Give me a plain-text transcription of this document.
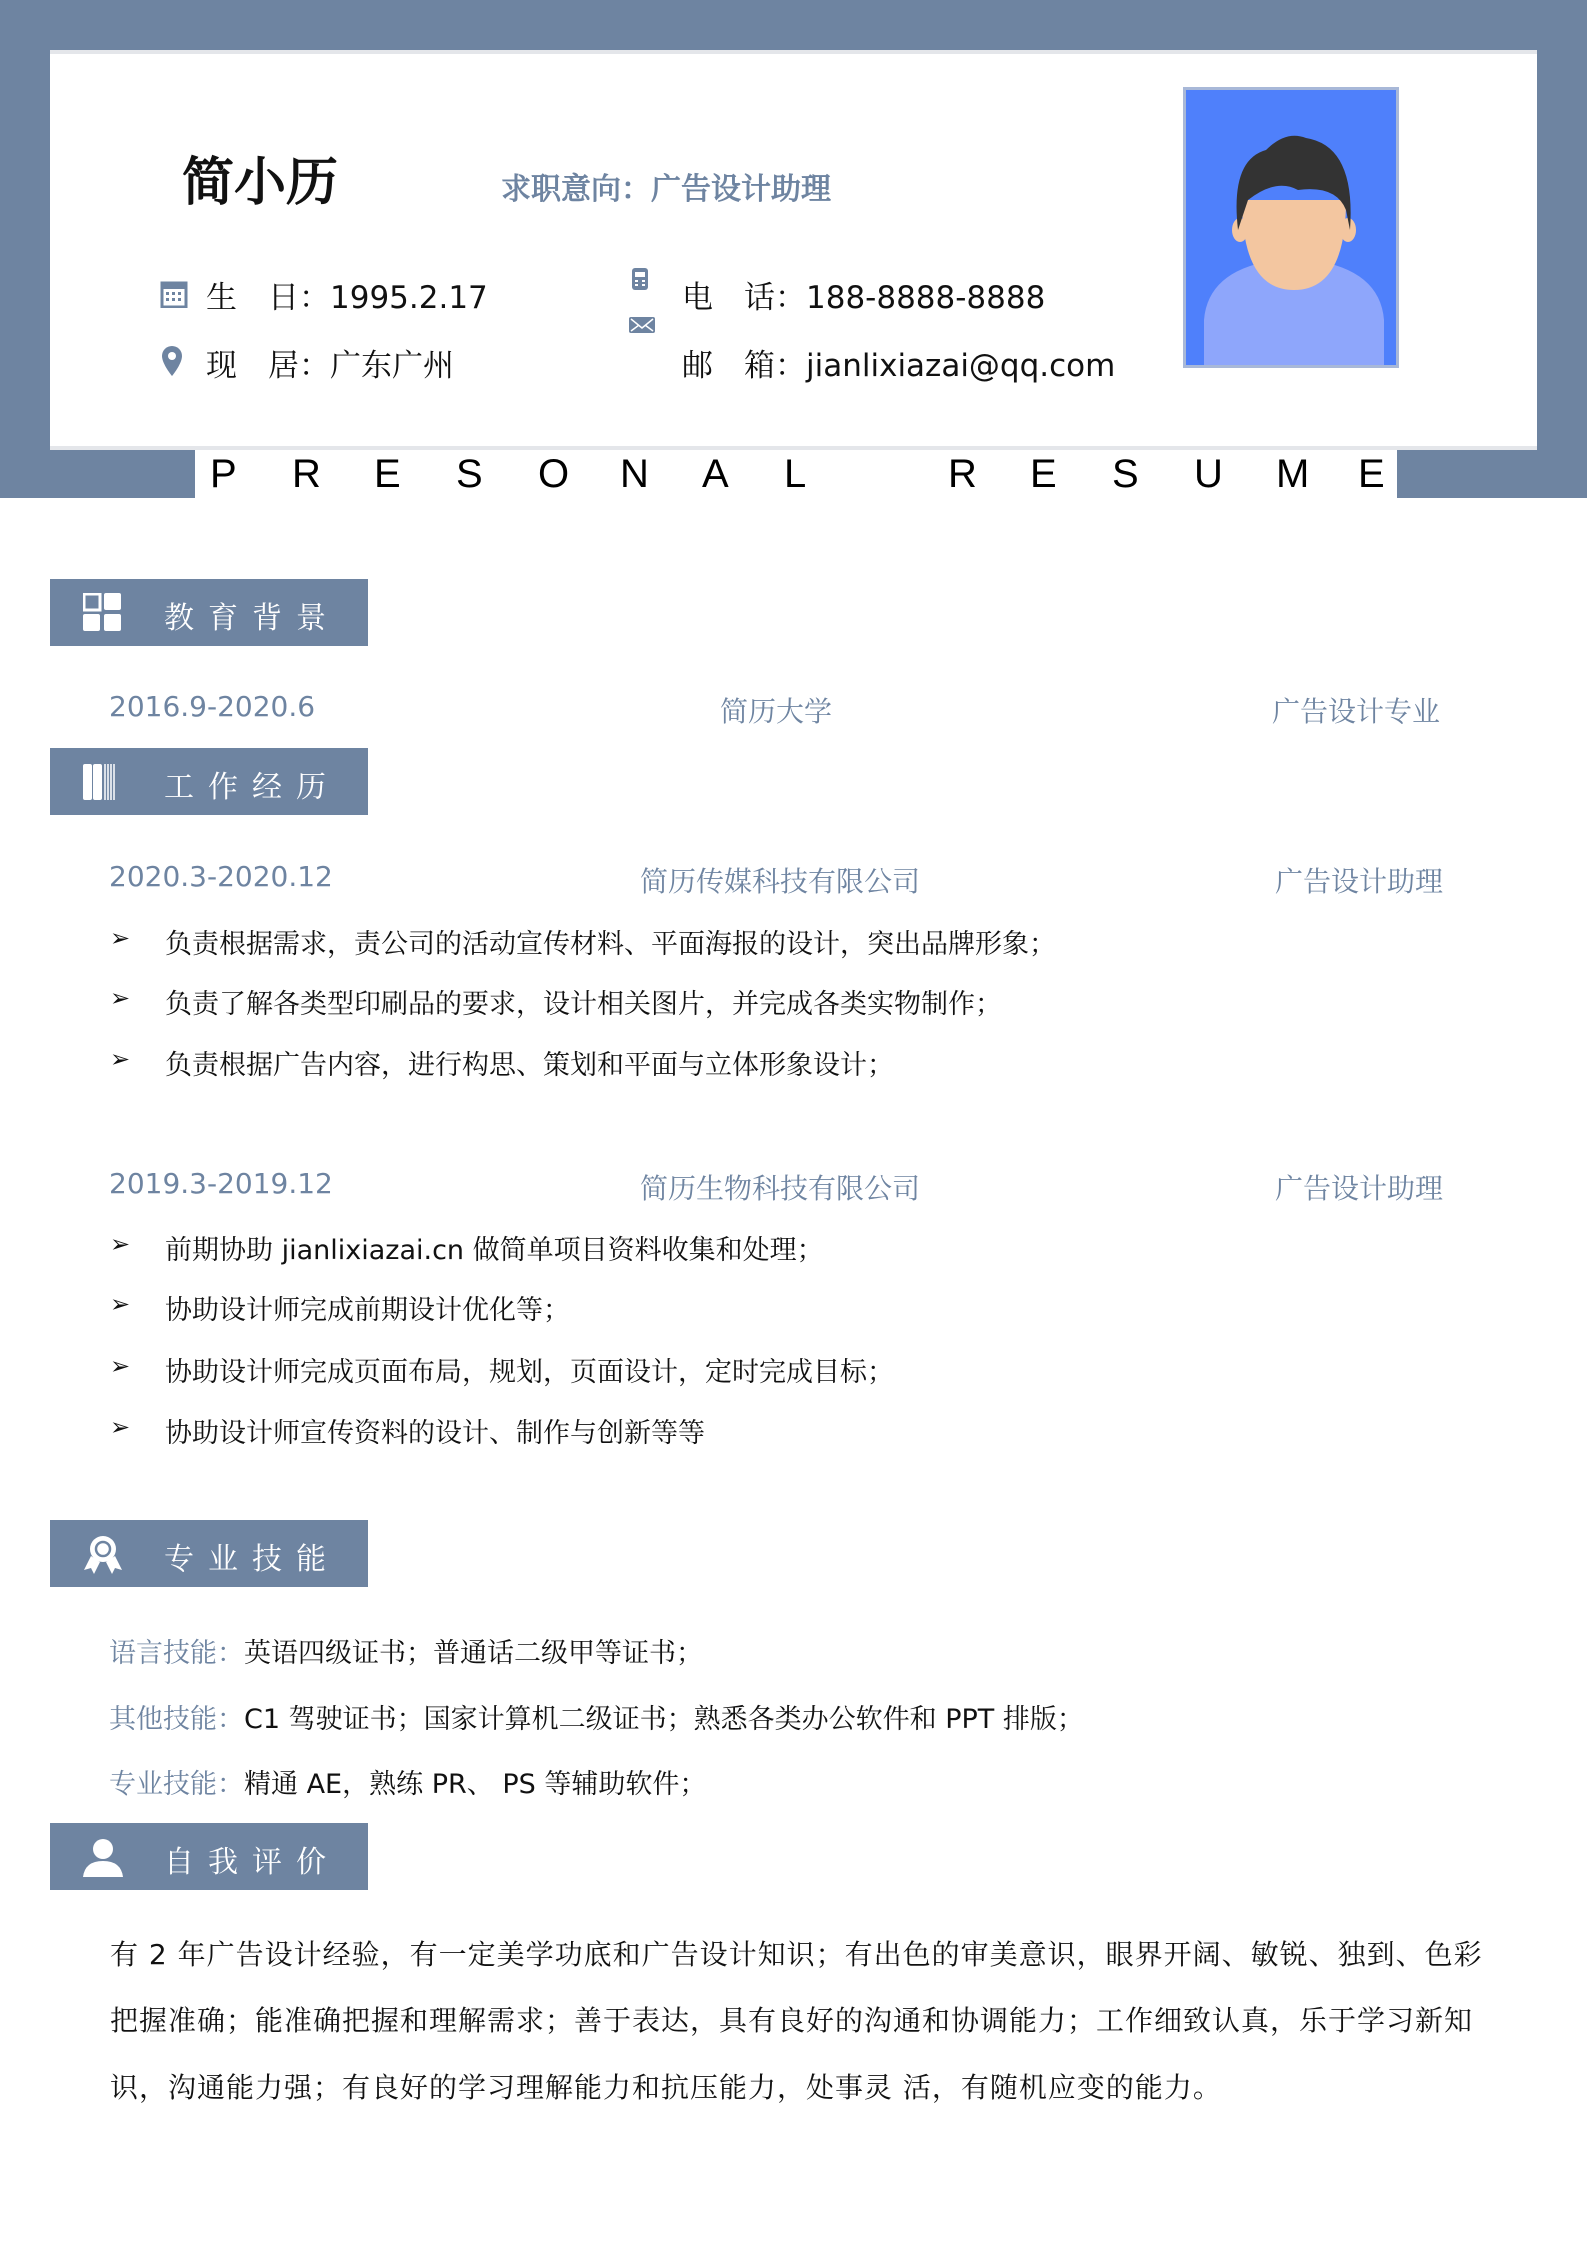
P R E S O N A L	R E S U M E
简小历	求职意向：广告设计助理
生　日：1995.2.17
现　居：广东广州
电　话：188-8888-8888
邮　箱：jianlixiazai@qq.com
教育背景
2016.9-2020.6	简历大学	广告设计专业
工作经历
2020.3-2020.12	简历传媒科技有限公司	广告设计助理
➢ 负责根据需求，责公司的活动宣传材料、平面海报的设计，突出品牌形象；
➢ 负责了解各类型印刷品的要求，设计相关图片，并完成各类实物制作；
➢ 负责根据广告内容，进行构思、策划和平面与立体形象设计；
2019.3-2019.12	简历生物科技有限公司	广告设计助理
➢ 前期协助 jianlixiazai.cn 做简单项目资料收集和处理；
➢ 协助设计师完成前期设计优化等；
➢ 协助设计师完成页面布局，规划，页面设计，定时完成目标；
➢ 协助设计师宣传资料的设计、制作与创新等等
专业技能
语言技能：英语四级证书；普通话二级甲等证书；
其他技能：C1 驾驶证书；国家计算机二级证书；熟悉各类办公软件和 PPT 排版；
专业技能：精通 AE，熟练 PR、 PS 等辅助软件；
自我评价
有 2 年广告设计经验，有一定美学功底和广告设计知识；有出色的审美意识，眼界开阔、敏锐、独到、色彩
把握准确；能准确把握和理解需求；善于表达，具有良好的沟通和协调能力；工作细致认真，乐于学习新知
识，沟通能力强；有良好的学习理解能力和抗压能力，处事灵 活，有随机应变的能力。
